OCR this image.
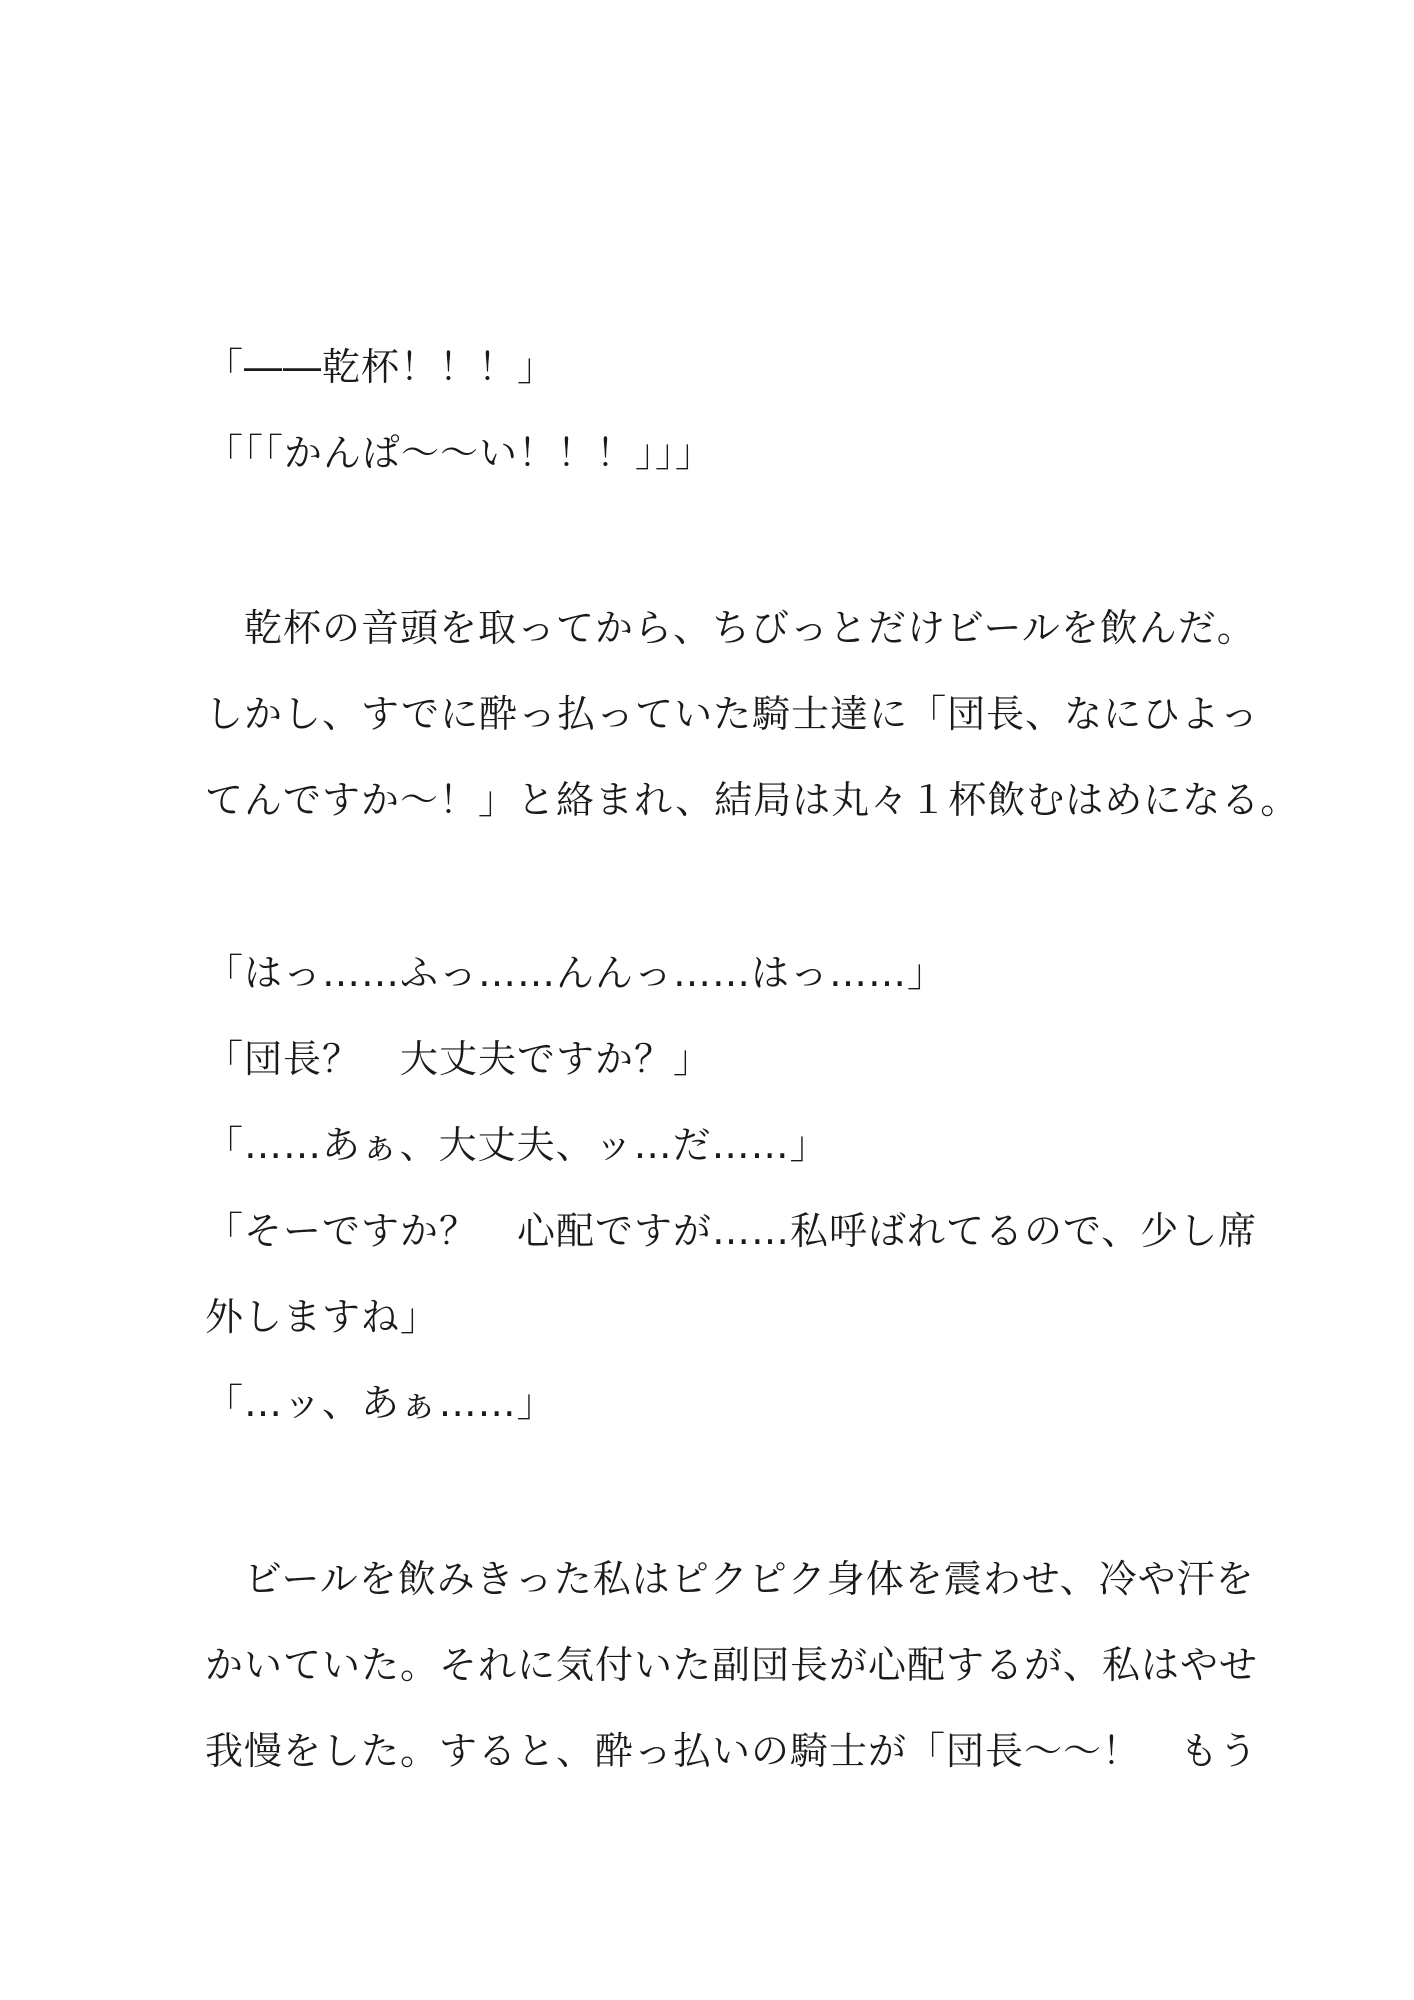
「――乾杯！！！」
「「「かんぱ～～い！！！」」」
　乾杯の音頭を取ってから、ちびっとだけビールを飲んだ。
しかし、すでに酔っ払っていた騎士達に「団長、なにひよっ
てんですか～！」と絡まれ、結局は丸々１杯飲むはめになる。
「はっ……ふっ……んんっ……はっ……」
「団長？　大丈夫ですか？」
「……あぁ、大丈夫、ッ…だ……」
「そーですか？　心配ですが……私呼ばれてるので、少し席
外しますね」
「…ッ、あぁ……」
　ビールを飲みきった私はピクピク身体を震わせ、冷や汗を
かいていた。それに気付いた副団長が心配するが、私はやせ
我慢をした。すると、酔っ払いの騎士が「団長～～！　もう
